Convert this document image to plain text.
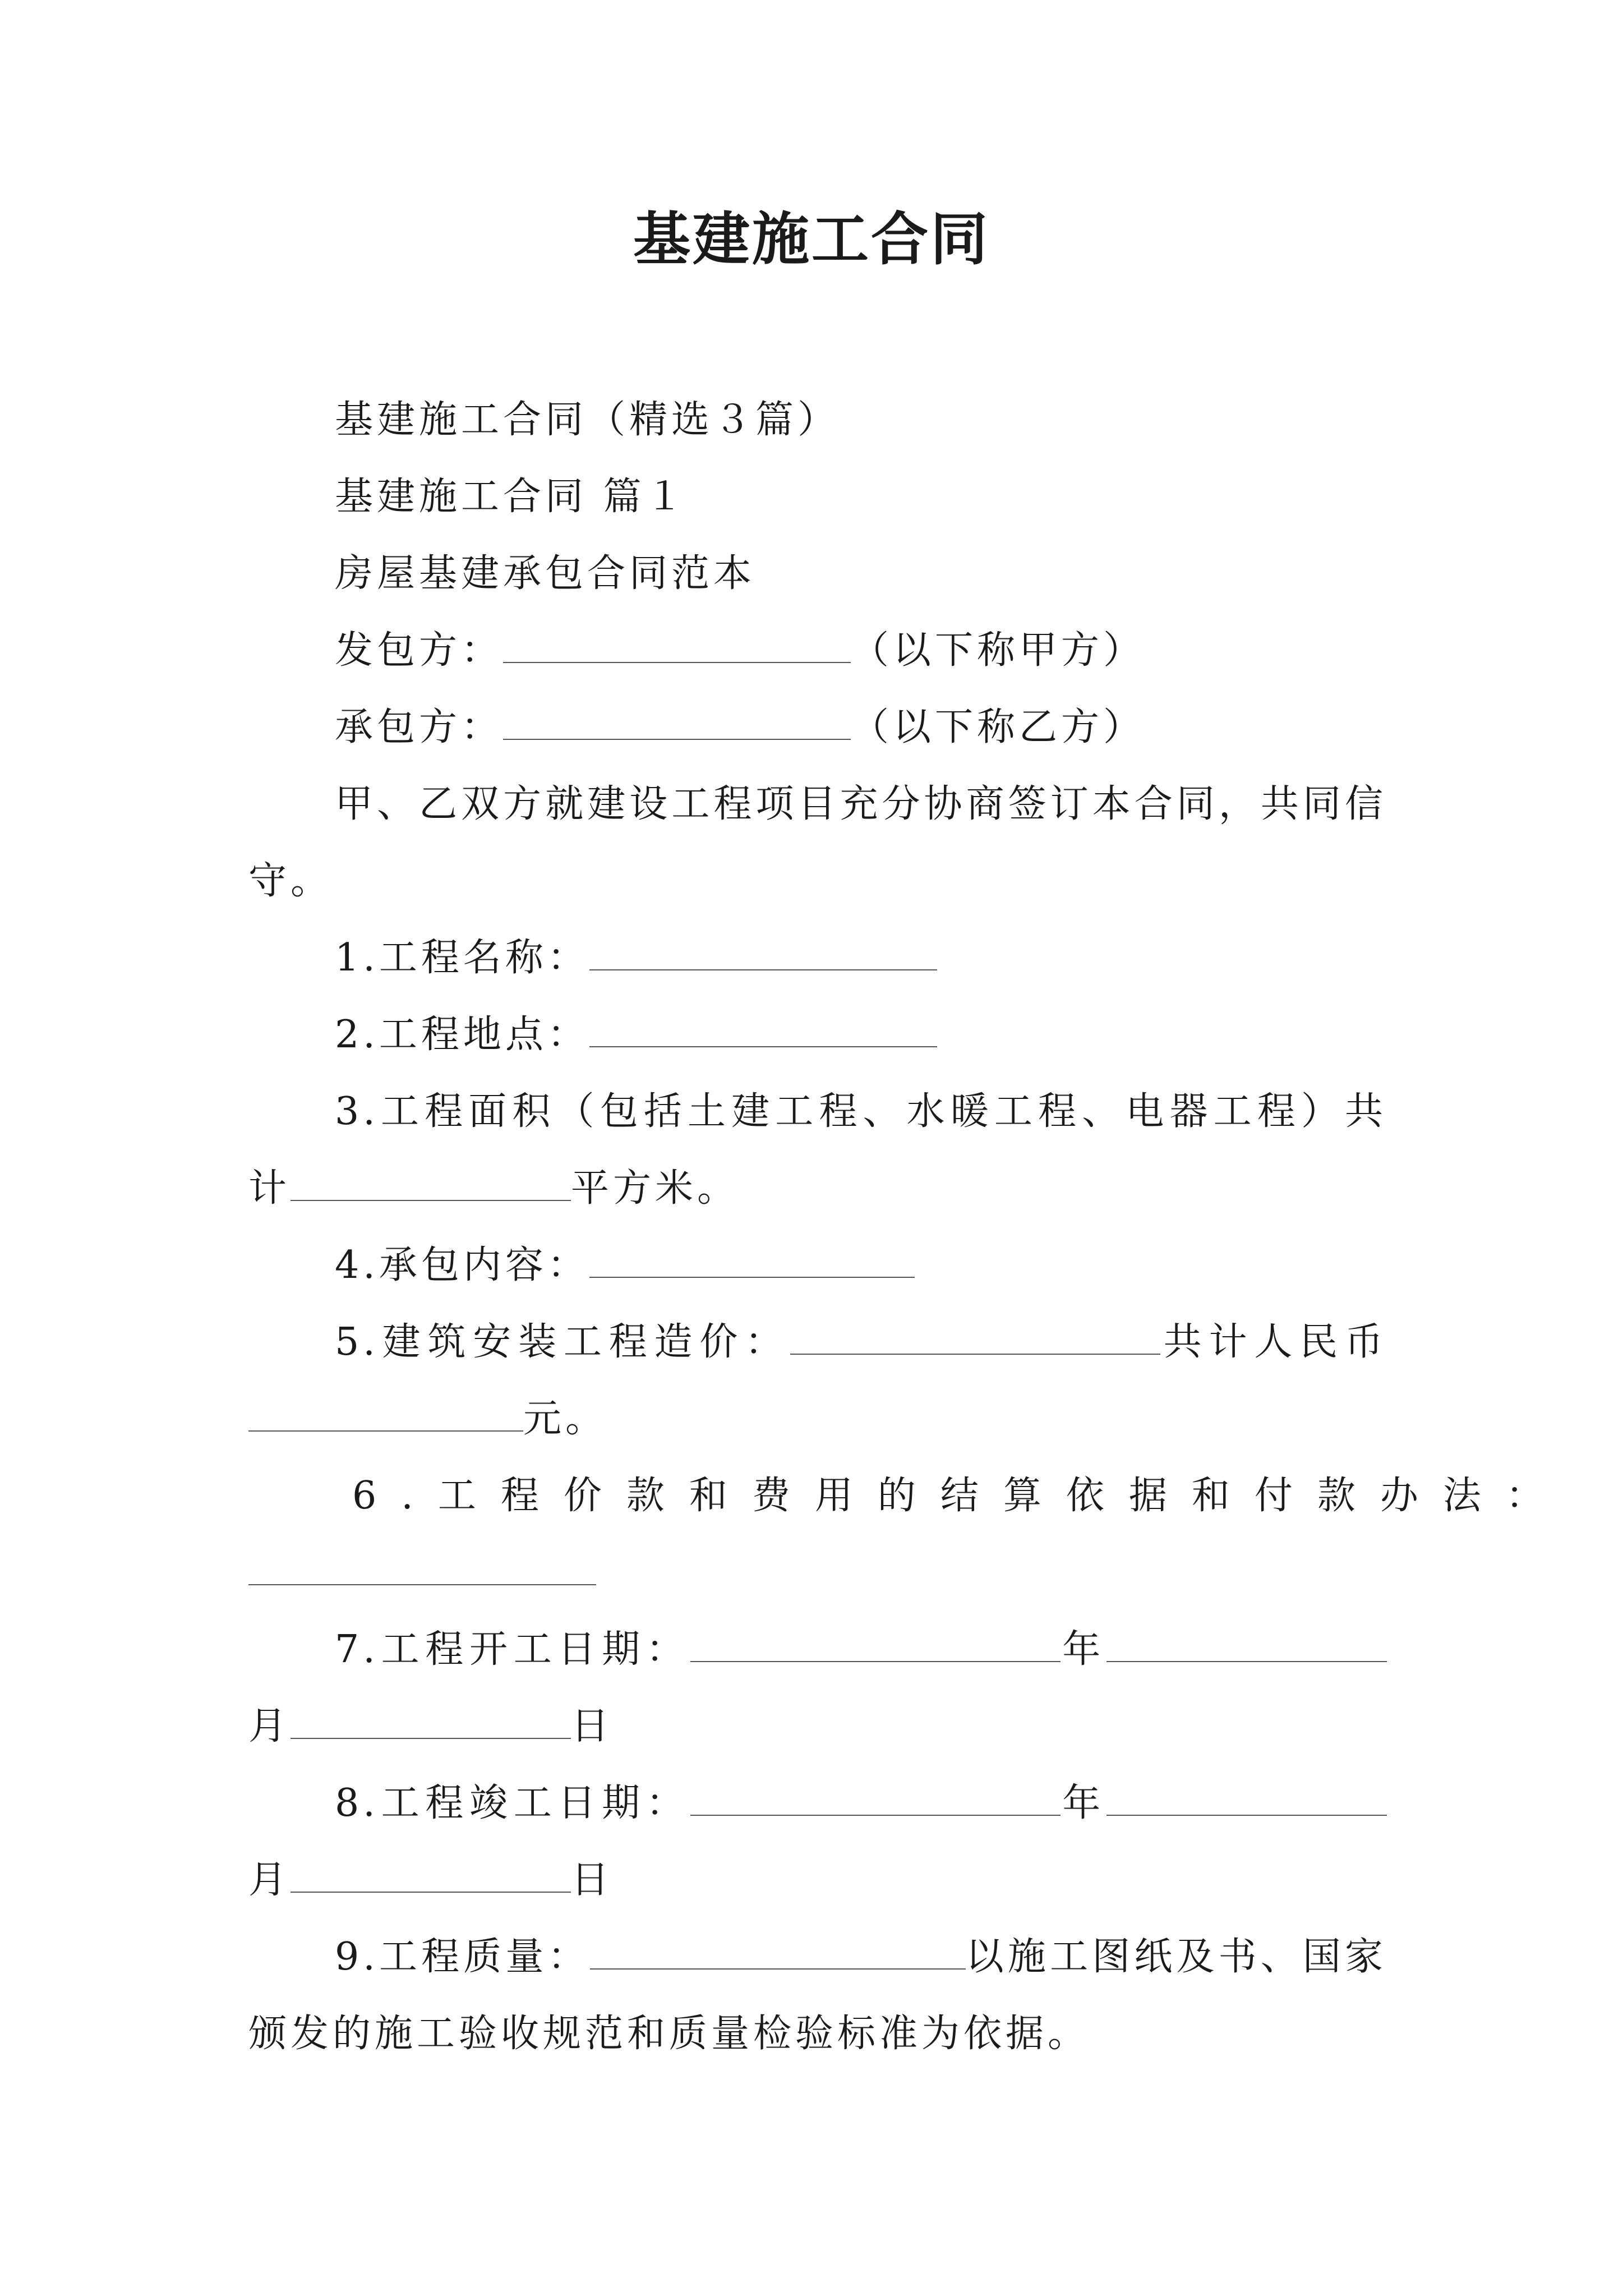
基建施工合同

基建施工合同（精选３篇）

基建施工合同 篇１

房屋基建承包合同范本

发包方：	（以下称甲方）

承包方：	（以下称乙方）

甲、乙双方就建设工程项目充分协商签订本合同，共同信守。

1.工程名称：

2.工程地点：

3.工程面积（包括土建工程、水暖工程、电器工程）共计	平方米。

4.承包内容：

5.建筑安装工程造价：	共计人民币元。

6.工程价款和费用的结算依据和付款办法：

7.工程开工日期：	年月	日

8.工程竣工日期：	年月	日

9.工程质量：	以施工图纸及书、国家颁发的施工验收规范和质量检验标准为依据。
